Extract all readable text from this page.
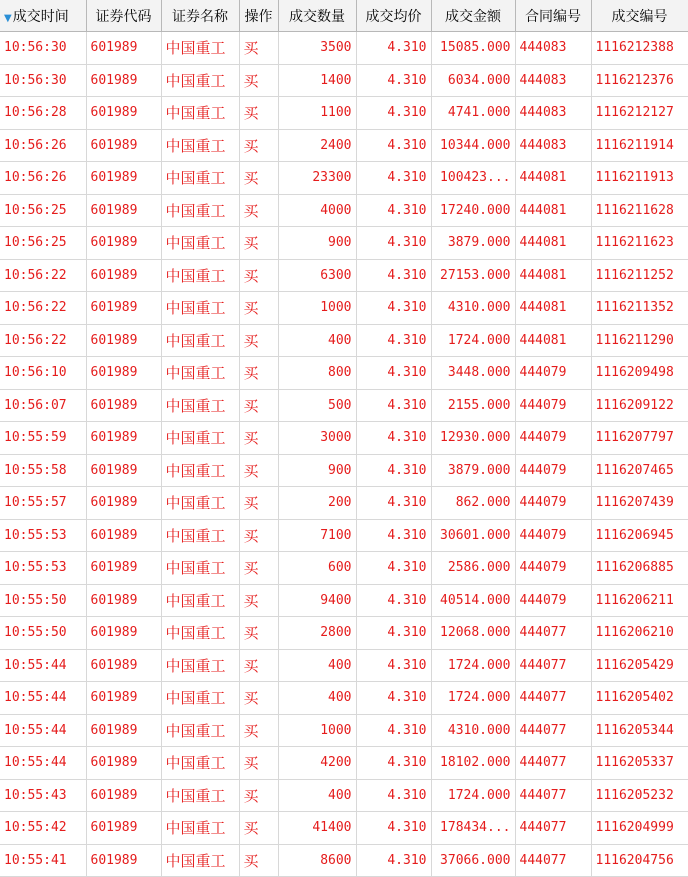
▼成交时间	证券代码	证券名称	操作	成交数量	成交均价	成交金额	合同编号	成交编号
10:56:30	601989	中国重工	买	3500	4.310	15085.000	444083	1116212388
10:56:30	601989	中国重工	买	1400	4.310	6034.000	444083	1116212376
10:56:28	601989	中国重工	买	1100	4.310	4741.000	444083	1116212127
10:56:26	601989	中国重工	买	2400	4.310	10344.000	444083	1116211914
10:56:26	601989	中国重工	买	23300	4.310	100423...	444081	1116211913
10:56:25	601989	中国重工	买	4000	4.310	17240.000	444081	1116211628
10:56:25	601989	中国重工	买	900	4.310	3879.000	444081	1116211623
10:56:22	601989	中国重工	买	6300	4.310	27153.000	444081	1116211252
10:56:22	601989	中国重工	买	1000	4.310	4310.000	444081	1116211352
10:56:22	601989	中国重工	买	400	4.310	1724.000	444081	1116211290
10:56:10	601989	中国重工	买	800	4.310	3448.000	444079	1116209498
10:56:07	601989	中国重工	买	500	4.310	2155.000	444079	1116209122
10:55:59	601989	中国重工	买	3000	4.310	12930.000	444079	1116207797
10:55:58	601989	中国重工	买	900	4.310	3879.000	444079	1116207465
10:55:57	601989	中国重工	买	200	4.310	862.000	444079	1116207439
10:55:53	601989	中国重工	买	7100	4.310	30601.000	444079	1116206945
10:55:53	601989	中国重工	买	600	4.310	2586.000	444079	1116206885
10:55:50	601989	中国重工	买	9400	4.310	40514.000	444079	1116206211
10:55:50	601989	中国重工	买	2800	4.310	12068.000	444077	1116206210
10:55:44	601989	中国重工	买	400	4.310	1724.000	444077	1116205429
10:55:44	601989	中国重工	买	400	4.310	1724.000	444077	1116205402
10:55:44	601989	中国重工	买	1000	4.310	4310.000	444077	1116205344
10:55:44	601989	中国重工	买	4200	4.310	18102.000	444077	1116205337
10:55:43	601989	中国重工	买	400	4.310	1724.000	444077	1116205232
10:55:42	601989	中国重工	买	41400	4.310	178434...	444077	1116204999
10:55:41	601989	中国重工	买	8600	4.310	37066.000	444077	1116204756
